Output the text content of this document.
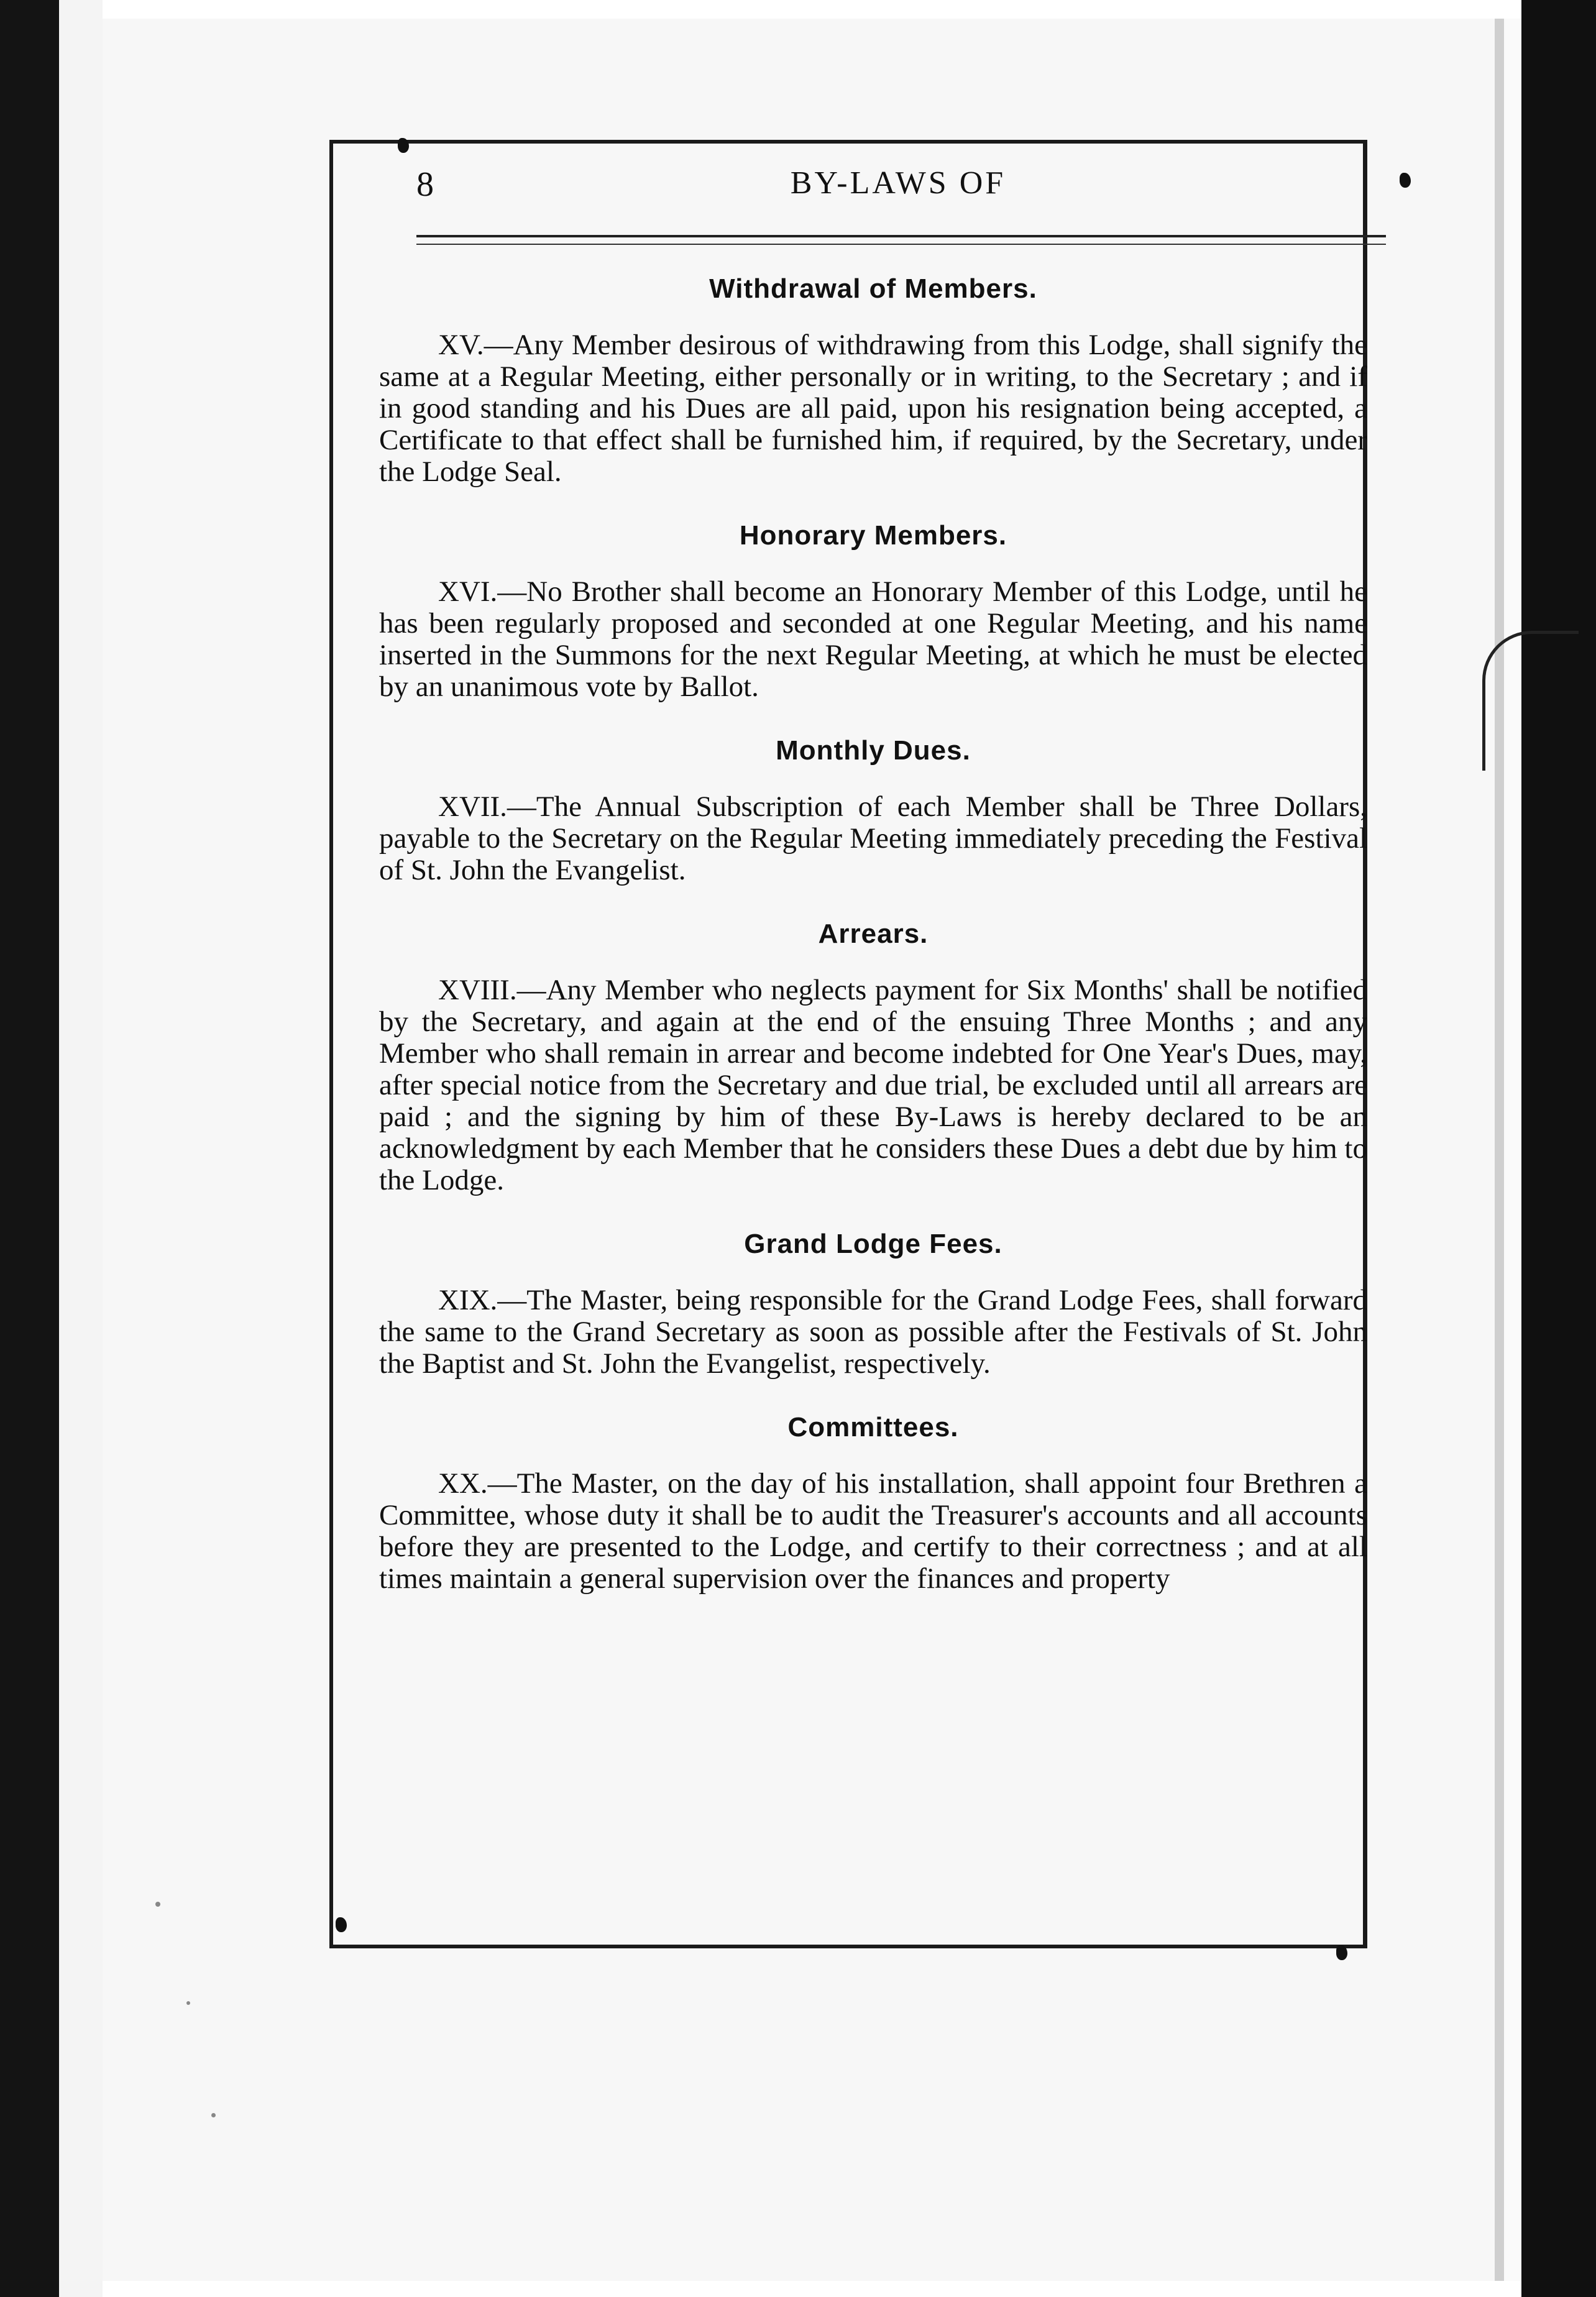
8	BY-LAWS OF
Withdrawal of Members.
XV.—Any Member desirous of withdrawing from this Lodge, shall signify the same at a Regular Meeting, either personally or in writing, to the Secretary ; and if in good standing and his Dues are all paid, upon his resignation being accepted, a Certificate to that effect shall be furnished him, if required, by the Secretary, under the Lodge Seal.
Honorary Members.
XVI.—No Brother shall become an Honorary Member of this Lodge, until he has been regularly proposed and seconded at one Regular Meeting, and his name inserted in the Summons for the next Regular Meeting, at which he must be elected by an unanimous vote by Ballot.
Monthly Dues.
XVII.—The Annual Subscription of each Member shall be Three Dollars, payable to the Secretary on the Regular Meeting immediately preceding the Festival of St. John the Evangelist.
Arrears.
XVIII.—Any Member who neglects payment for Six Months' shall be notified by the Secretary, and again at the end of the ensuing Three Months ; and any Member who shall remain in arrear and become indebted for One Year's Dues, may, after special notice from the Secretary and due trial, be excluded until all arrears are paid ; and the signing by him of these By-Laws is hereby declared to be an acknowledgment by each Member that he considers these Dues a debt due by him to the Lodge.
Grand Lodge Fees.
XIX.—The Master, being responsible for the Grand Lodge Fees, shall forward the same to the Grand Secretary as soon as possible after the Festivals of St. John the Baptist and St. John the Evangelist, respectively.
Committees.
XX.—The Master, on the day of his installation, shall appoint four Brethren a Committee, whose duty it shall be to audit the Treasurer's accounts and all accounts before they are presented to the Lodge, and certify to their correctness ; and at all times maintain a general supervision over the finances and property
